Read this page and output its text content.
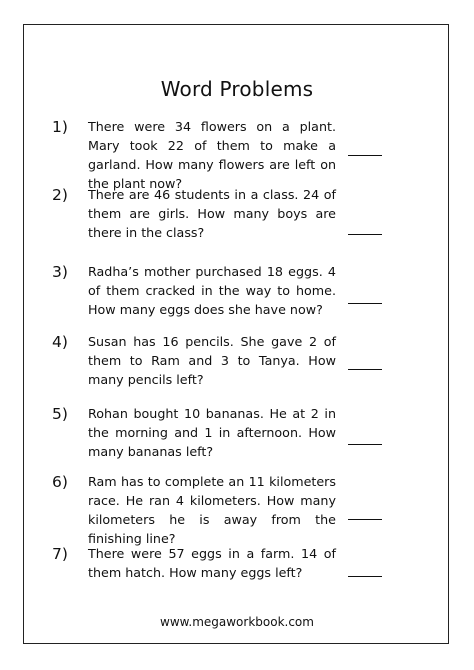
Word Problems
1) There were 34 flowers on a plant. Mary took 22 of them to make a garland. How many flowers are left on the plant now?
2) There are 46 students in a class. 24 of them are girls. How many boys are there in the class?
3) Radha’s mother purchased 18 eggs. 4 of them cracked in the way to home. How many eggs does she have now?
4) Susan has 16 pencils. She gave 2 of them to Ram and 3 to Tanya. How many pencils left?
5) Rohan bought 10 bananas. He at 2 in the morning and 1 in afternoon. How many bananas left?
6) Ram has to complete an 11 kilometers race. He ran 4 kilometers. How many kilometers he is away from the finishing line?
7) There were 57 eggs in a farm. 14 of them hatch. How many eggs left?
www.megaworkbook.com
